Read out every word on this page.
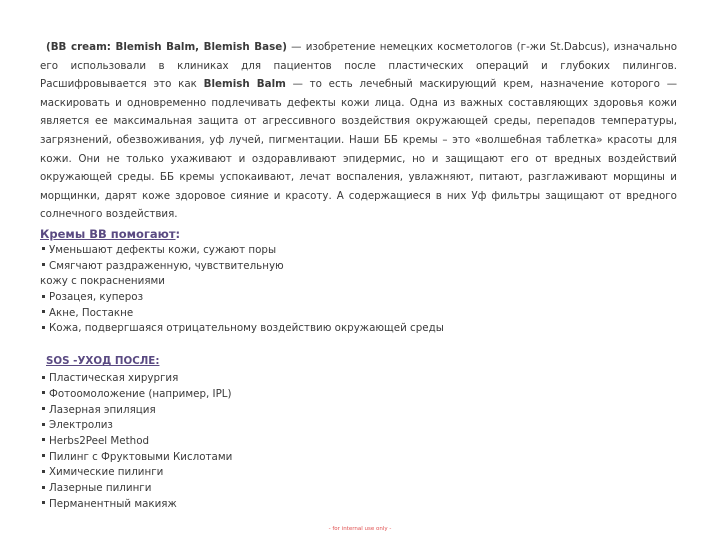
(BB cream: Blemish Balm, Blemish Base) — изобретение немецких косметологов (г-жи St.Dabcus), изначально его использовали в клиниках для пациентов после пластических операций и глубоких пилингов. Расшифровывается это как Blemish Balm — то есть лечебный маскирующий крем, назначение которого — маскировать и одновременно подлечивать дефекты кожи лица. Одна из важных составляющих здоровья кожи является ее максимальная защита от агрессивного воздействия окружающей среды, перепадов температуры, загрязнений, обезвоживания, уф лучей, пигментации. Наши ББ кремы – это «волшебная таблетка» красоты для кожи. Они не только ухаживают и оздоравливают эпидермис, но и защищают его от вредных воздействий окружающей среды. ББ кремы успокаивают, лечат воспаления, увлажняют, питают, разглаживают морщины и морщинки, дарят коже здоровое сияние и красоту. А содержащиеся в них Уф фильтры защищают от вредного солнечного воздействия.

Кремы BB помогают:
Уменьшают дефекты кожи, сужают поры
Смягчают раздраженную, чувствительную
кожу с покраснениями
Розацея, купероз
Акне, Постакне
Кожа, подвергшаяся отрицательному воздействию окружающей среды
SOS -УХОД ПОСЛЕ:
Пластическая хирургия
Фотоомоложение (например, IPL)
Лазерная эпиляция
Электролиз
Herbs2Peel Method
Пилинг с Фруктовыми Кислотами
Химические пилинги
Лазерные пилинги
Перманентный макияж
- for internal use only -
